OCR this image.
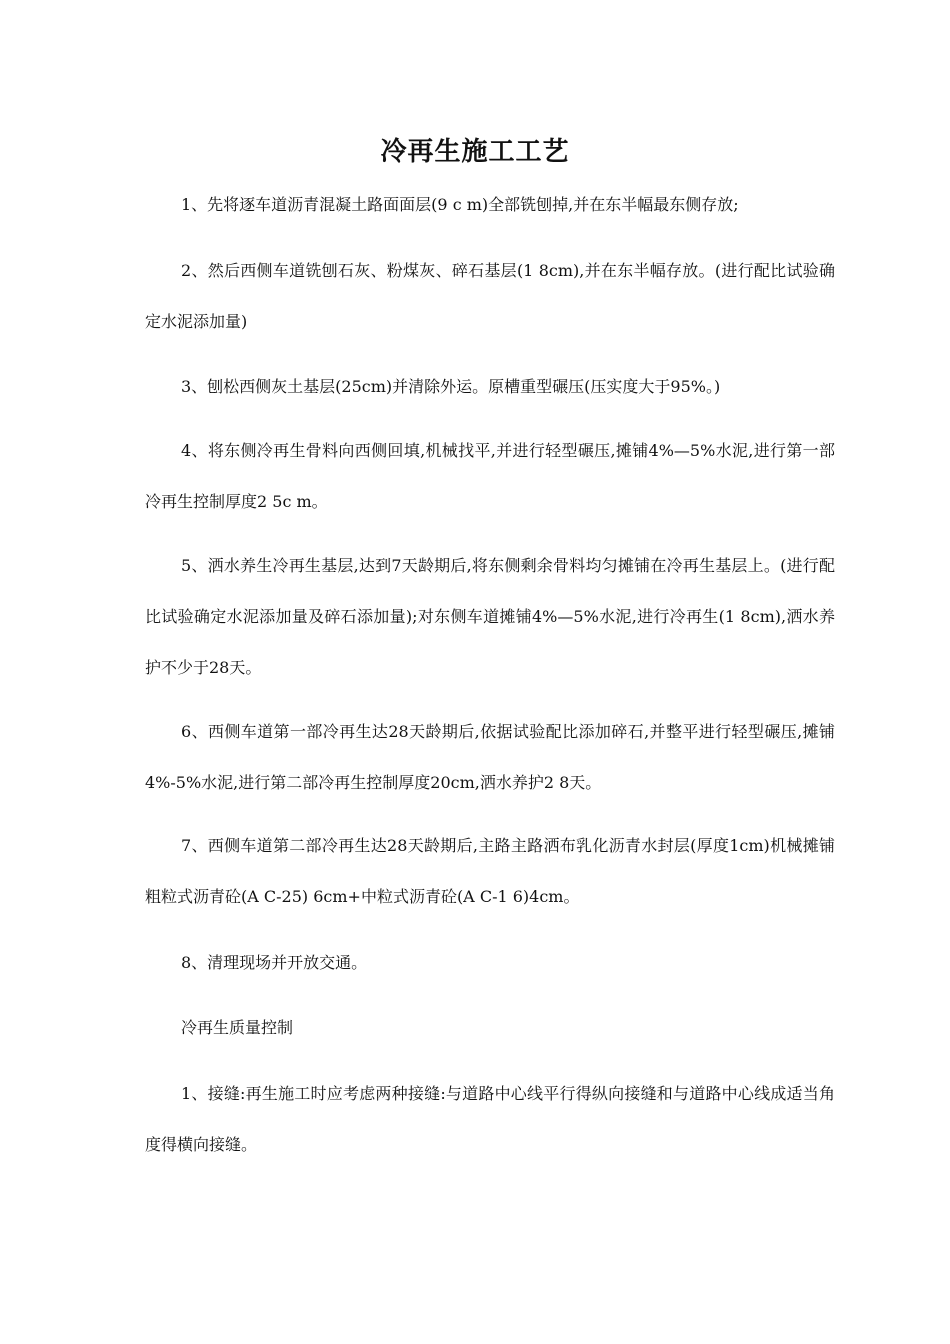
冷再生施工工艺

1、先将逐车道沥青混凝土路面面层(9 c m)全部铣刨掉,并在东半幅最东侧存放;

2、然后西侧车道铣刨石灰、粉煤灰、碎石基层(1 8cm),并在东半幅存放。(进行配比试验确定水泥添加量)

3、刨松西侧灰土基层(25cm)并清除外运。原槽重型碾压(压实度大于95%。)

4、将东侧冷再生骨料向西侧回填,机械找平,并进行轻型碾压,摊铺4%—5%水泥,进行第一部冷再生控制厚度2 5c m。

5、洒水养生冷再生基层,达到7天龄期后,将东侧剩余骨料均匀摊铺在冷再生基层上。(进行配比试验确定水泥添加量及碎石添加量);对东侧车道摊铺4%—5%水泥,进行冷再生(1 8cm),洒水养护不少于28天。

6、西侧车道第一部冷再生达28天龄期后,依据试验配比添加碎石,并整平进行轻型碾压,摊铺4%-5%水泥,进行第二部冷再生控制厚度20cm,洒水养护2 8天。

7、西侧车道第二部冷再生达28天龄期后,主路主路洒布乳化沥青水封层(厚度1cm)机械摊铺粗粒式沥青砼(A C-25) 6cm+中粒式沥青砼(A C-1 6)4cm。

8、清理现场并开放交通。

冷再生质量控制

1、接缝:再生施工时应考虑两种接缝:与道路中心线平行得纵向接缝和与道路中心线成适当角度得横向接缝。
